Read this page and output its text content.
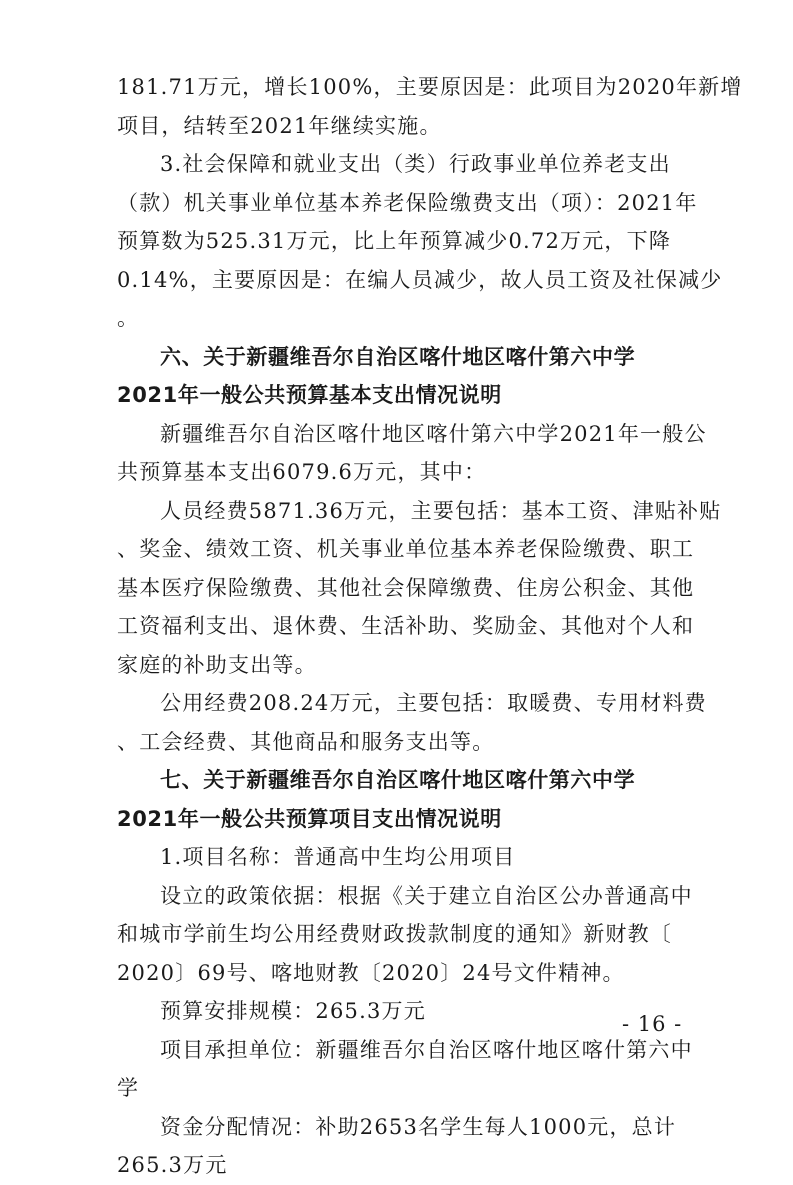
181.71万元，增长100%，主要原因是：此项目为2020年新增

项目，结转至2021年继续实施。

3.社会保障和就业支出（类）行政事业单位养老支出

（款）机关事业单位基本养老保险缴费支出（项）：2021年

预算数为525.31万元，比上年预算减少0.72万元，下降

0.14%，主要原因是：在编人员减少，故人员工资及社保减少

。

六、关于新疆维吾尔自治区喀什地区喀什第六中学

2021年一般公共预算基本支出情况说明

新疆维吾尔自治区喀什地区喀什第六中学2021年一般公

共预算基本支出6079.6万元，其中：

人员经费5871.36万元，主要包括：基本工资、津贴补贴

、奖金、绩效工资、机关事业单位基本养老保险缴费、职工

基本医疗保险缴费、其他社会保障缴费、住房公积金、其他

工资福利支出、退休费、生活补助、奖励金、其他对个人和

家庭的补助支出等。

公用经费208.24万元，主要包括：取暖费、专用材料费

、工会经费、其他商品和服务支出等。

七、关于新疆维吾尔自治区喀什地区喀什第六中学

2021年一般公共预算项目支出情况说明

1.项目名称：普通高中生均公用项目

设立的政策依据：根据《关于建立自治区公办普通高中

和城市学前生均公用经费财政拨款制度的通知》新财教〔

2020〕69号、喀地财教〔2020〕24号文件精神。

预算安排规模：265.3万元

项目承担单位：新疆维吾尔自治区喀什地区喀什第六中

学

资金分配情况：补助2653名学生每人1000元，总计

265.3万元

- 16 -
